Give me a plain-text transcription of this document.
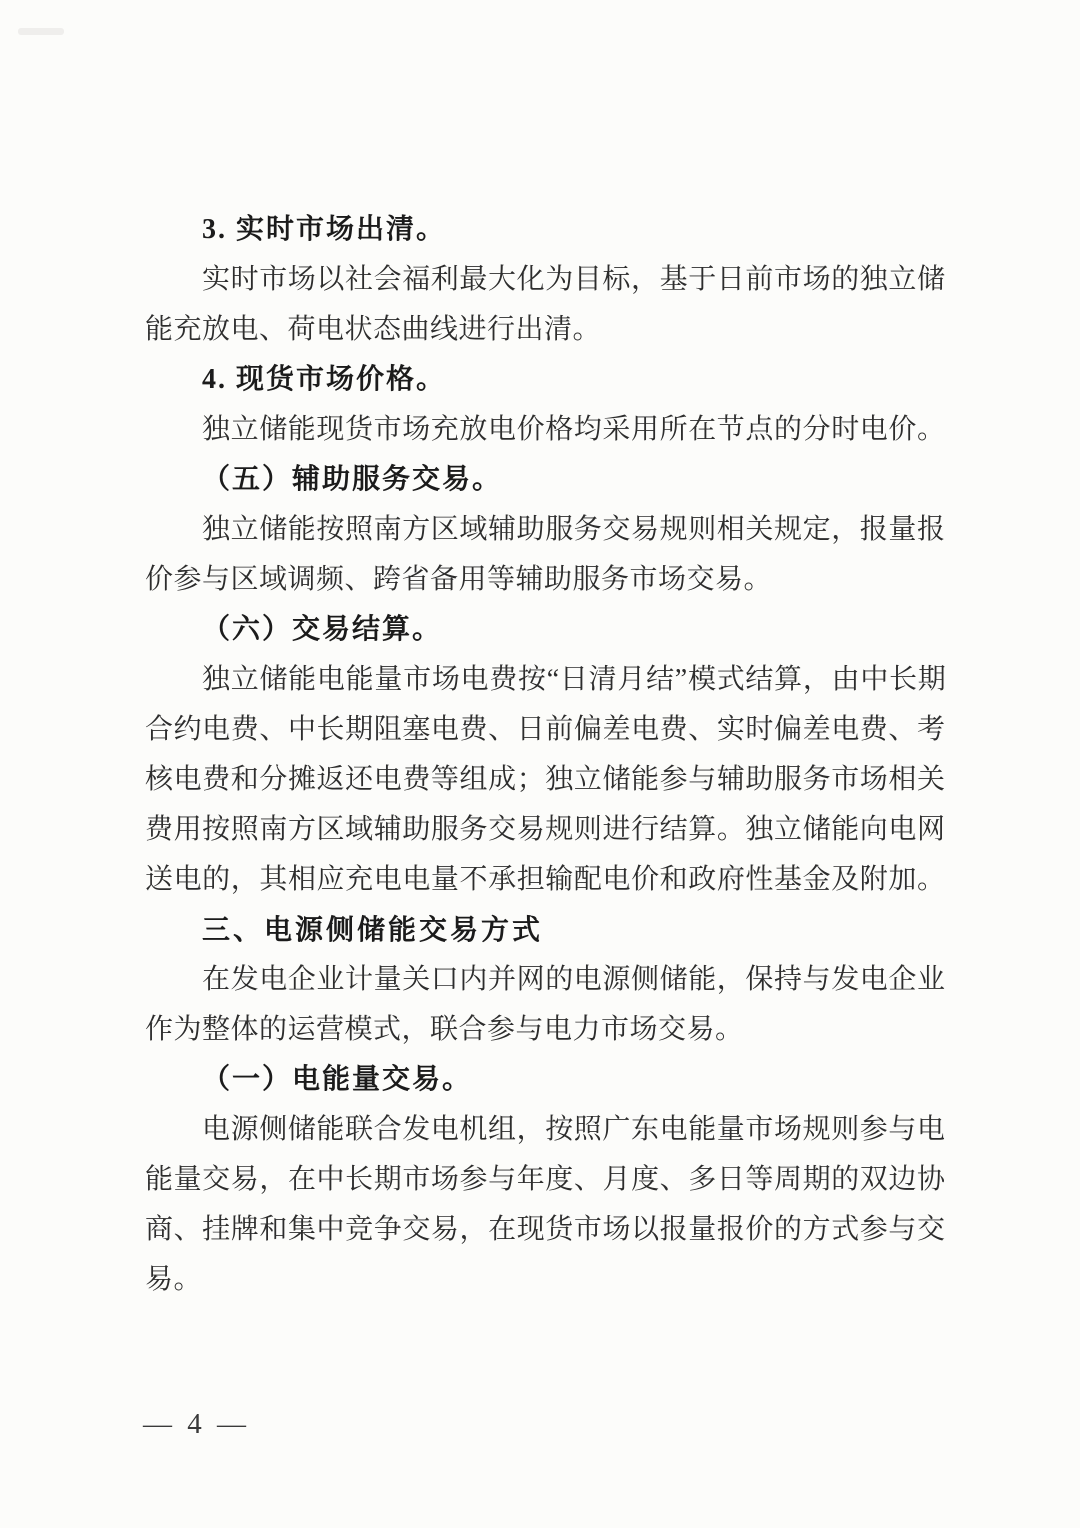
3. 实时市场出清。
实时市场以社会福利最大化为目标，基于日前市场的独立储
能充放电、荷电状态曲线进行出清。
4. 现货市场价格。
独立储能现货市场充放电价格均采用所在节点的分时电价。
（五）辅助服务交易。
独立储能按照南方区域辅助服务交易规则相关规定，报量报
价参与区域调频、跨省备用等辅助服务市场交易。
（六）交易结算。
独立储能电能量市场电费按“日清月结”模式结算，由中长期
合约电费、中长期阻塞电费、日前偏差电费、实时偏差电费、考
核电费和分摊返还电费等组成；独立储能参与辅助服务市场相关
费用按照南方区域辅助服务交易规则进行结算。独立储能向电网
送电的，其相应充电电量不承担输配电价和政府性基金及附加。
三、电源侧储能交易方式
在发电企业计量关口内并网的电源侧储能，保持与发电企业
作为整体的运营模式，联合参与电力市场交易。
（一）电能量交易。
电源侧储能联合发电机组，按照广东电能量市场规则参与电
能量交易，在中长期市场参与年度、月度、多日等周期的双边协
商、挂牌和集中竞争交易，在现货市场以报量报价的方式参与交
易。
— 4 —
